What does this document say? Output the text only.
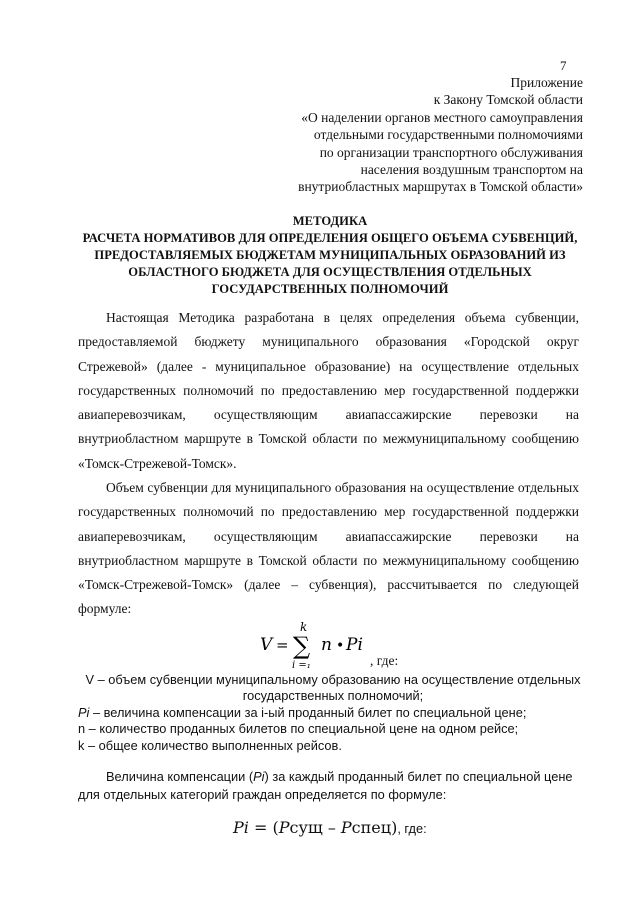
7
Приложение
к Закону Томской области
«О наделении органов местного самоуправления
отдельными государственными полномочиями
по организации транспортного обслуживания
населения воздушным транспортом на
внутриобластных маршрутах в Томской области»
МЕТОДИКА
РАСЧЕТА НОРМАТИВОВ ДЛЯ ОПРЕДЕЛЕНИЯ ОБЩЕГО ОБЪЕМА СУБВЕНЦИЙ,
ПРЕДОСТАВЛЯЕМЫХ БЮДЖЕТАМ МУНИЦИПАЛЬНЫХ ОБРАЗОВАНИЙ ИЗ
ОБЛАСТНОГО БЮДЖЕТА ДЛЯ ОСУЩЕСТВЛЕНИЯ ОТДЕЛЬНЫХ
ГОСУДАРСТВЕННЫХ ПОЛНОМОЧИЙ

Настоящая Методика разработана в целях определения объема субвенции, предоставляемой бюджету муниципального образования «Городской округ Стрежевой» (далее - муниципальное образование) на осуществление отдельных государственных полномочий по предоставлению мер государственной поддержки авиаперевозчикам, осуществляющим авиапассажирские перевозки на внутриобластном маршруте в Томской области по межмуниципальному сообщению «Томск-Стрежевой-Томск».

Объем субвенции для муниципального образования на осуществление отдельных государственных полномочий по предоставлению мер государственной поддержки авиаперевозчикам, осуществляющим авиапассажирские перевозки на внутриобластном маршруте в Томской области по межмуниципальному сообщению «Томск-Стрежевой-Томск» (далее – субвенция), рассчитывается по следующей формуле:

V =
k
∑
i =₁
n • Pi
, где:
V – объем субвенции муниципальному образованию на осуществление отдельных
государственных полномочий;
Pi – величина компенсации за i-ый проданный билет по специальной цене;
n – количество проданных билетов по специальной цене на одном рейсе;
k – общее количество выполненных рейсов.

Величина компенсации (Pi) за каждый проданный билет по специальной цене для отдельных категорий граждан определяется по формуле:

Pi = (Pсущ – Pспец), где:
